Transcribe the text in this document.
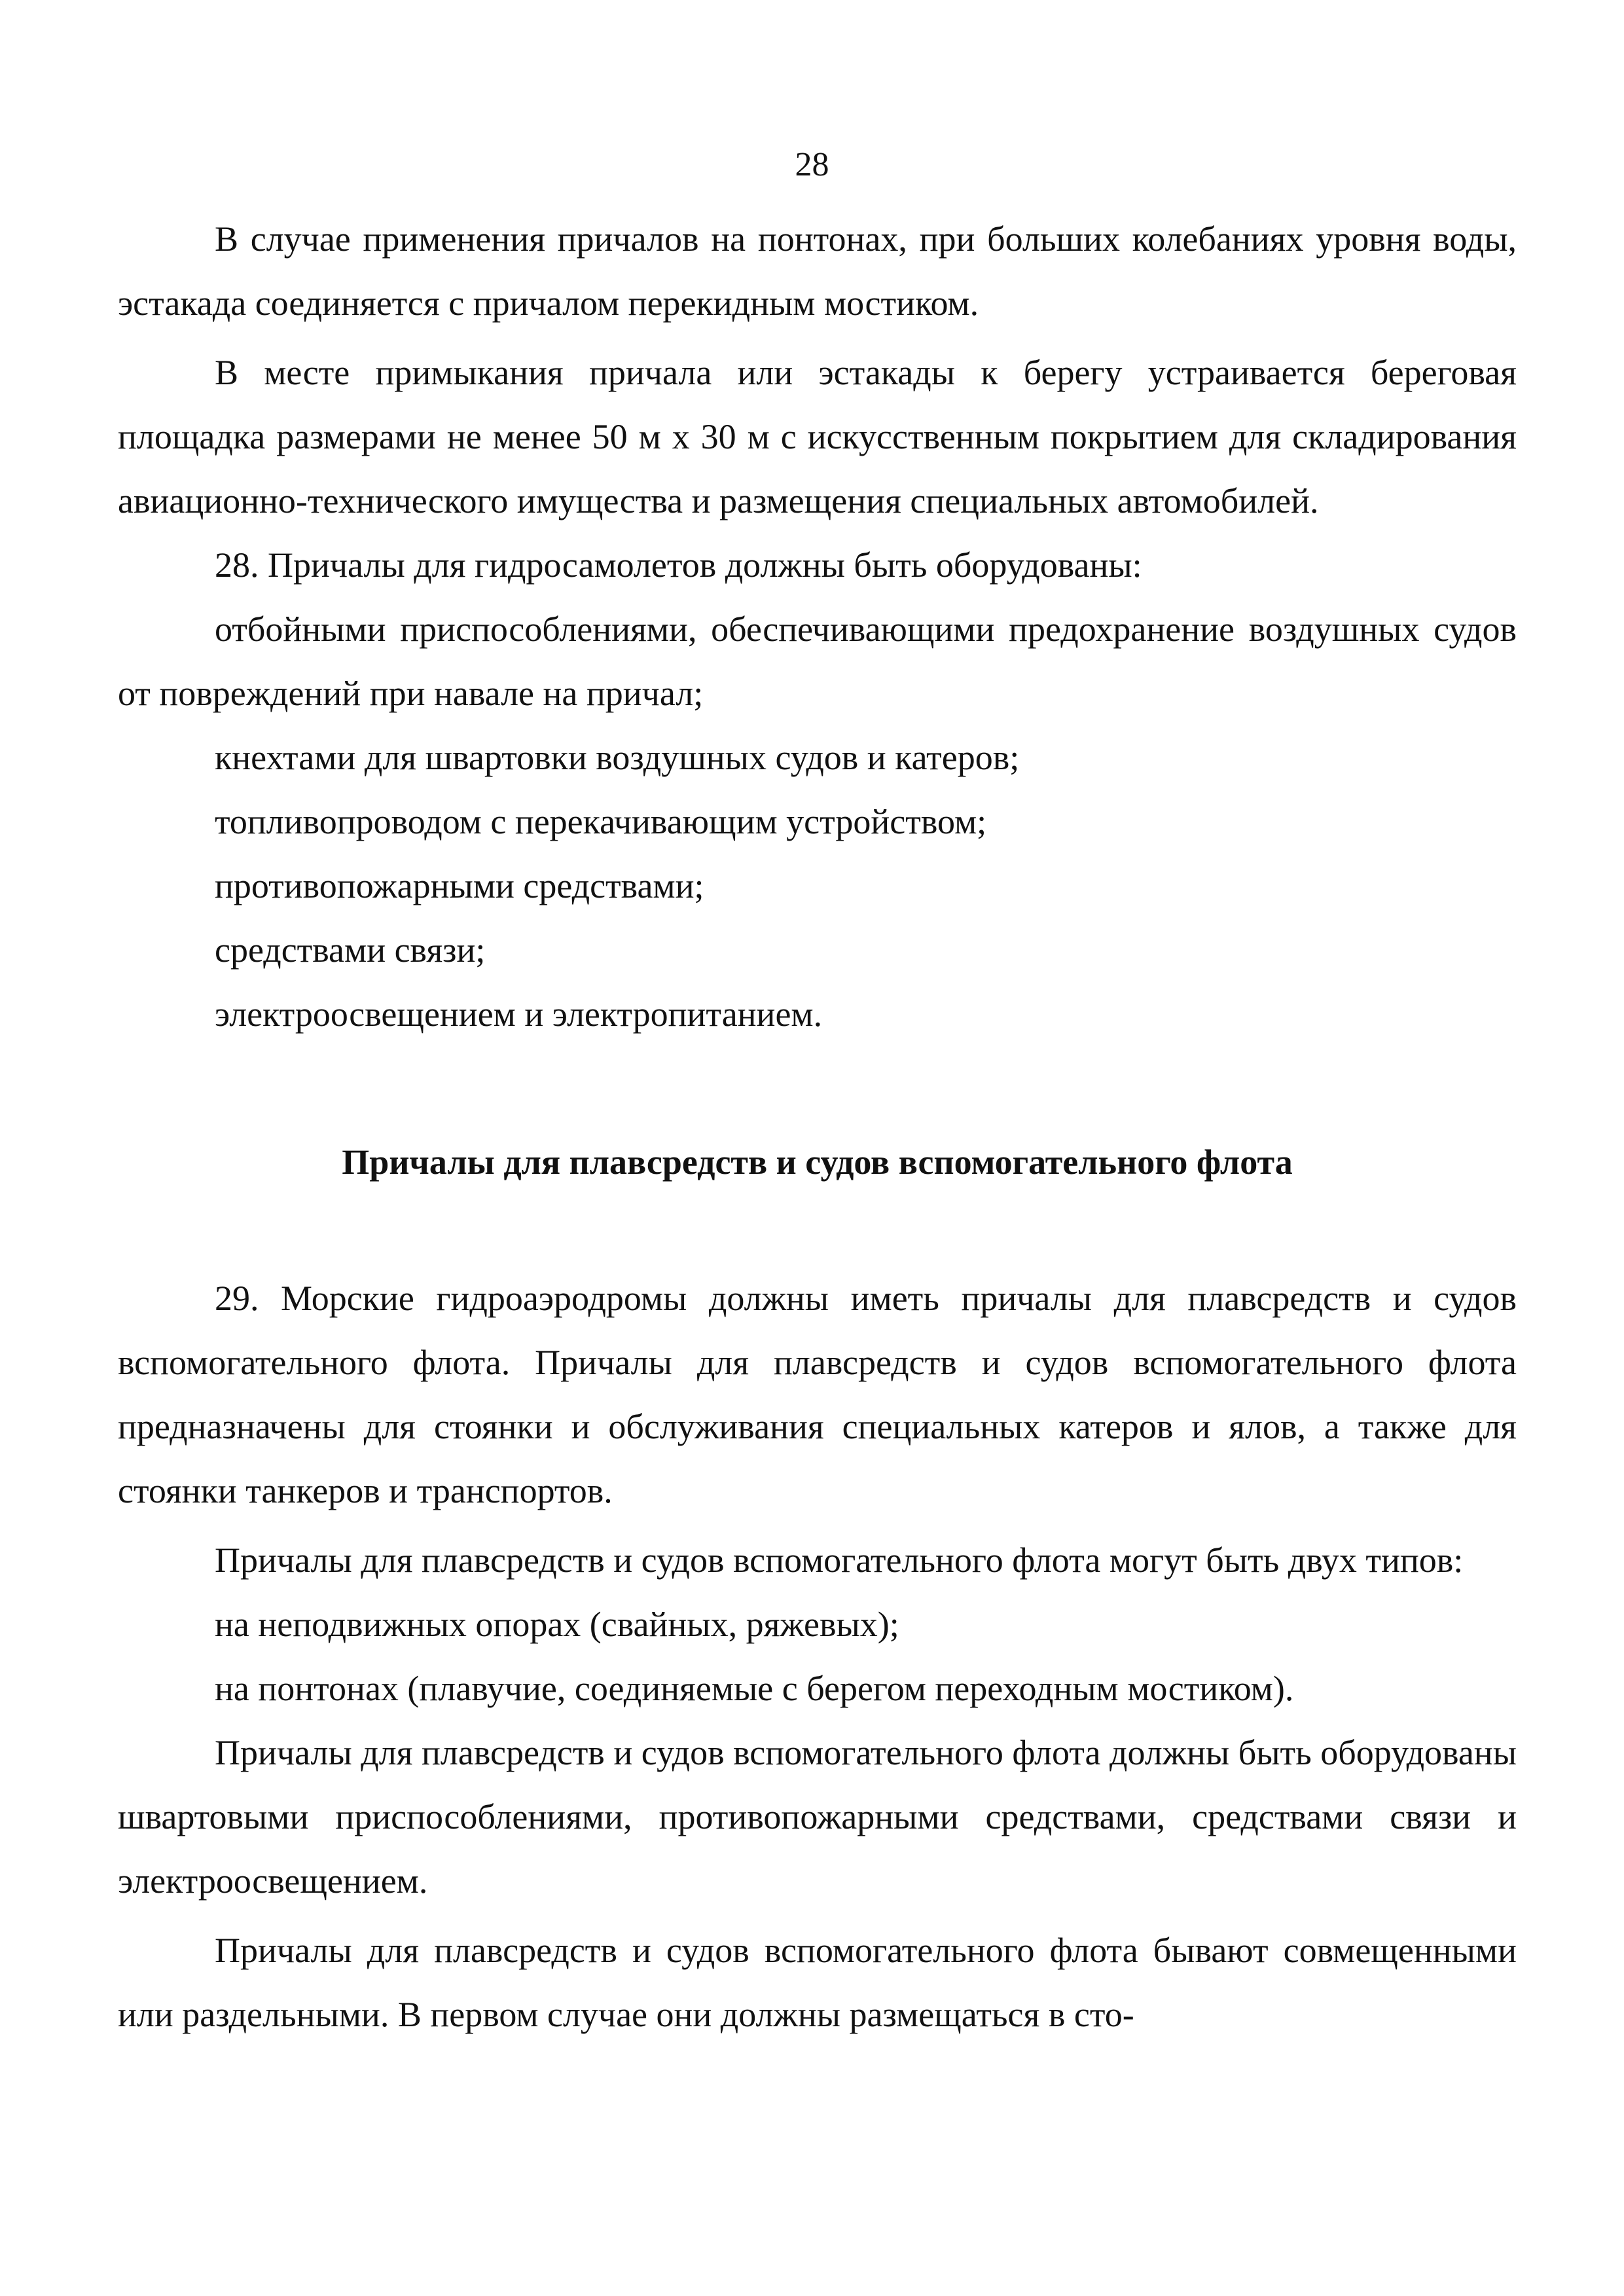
28

В случае применения причалов на понтонах, при больших колебаниях уровня воды, эстакада соединяется с причалом перекидным мостиком.

В месте примыкания причала или эстакады к берегу устраивается береговая площадка размерами не менее 50 м х 30 м с искусственным покрытием для складирования авиационно-технического имущества и размещения специальных автомобилей.

28. Причалы для гидросамолетов должны быть оборудованы:

отбойными приспособлениями, обеспечивающими предохранение воздушных судов от повреждений при навале на причал;

кнехтами для швартовки воздушных судов и катеров;

топливопроводом с перекачивающим устройством;

противопожарными средствами;

средствами связи;

электроосвещением и электропитанием.

Причалы для плавсредств и судов вспомогательного флота

29. Морские гидроаэродромы должны иметь причалы для плавсредств и судов вспомогательного флота. Причалы для плавсредств и судов вспомогательного флота предназначены для стоянки и обслуживания специальных катеров и ялов, а также для стоянки танкеров и транспортов.

Причалы для плавсредств и судов вспомогательного флота могут быть двух типов:

на неподвижных опорах (свайных, ряжевых);

на понтонах (плавучие, соединяемые с берегом переходным мостиком).

Причалы для плавсредств и судов вспомогательного флота должны быть оборудованы швартовыми приспособлениями, противопожарными средствами, средствами связи и электроосвещением.

Причалы для плавсредств и судов вспомогательного флота бывают совмещенными или раздельными. В первом случае они должны размещаться в сто-
